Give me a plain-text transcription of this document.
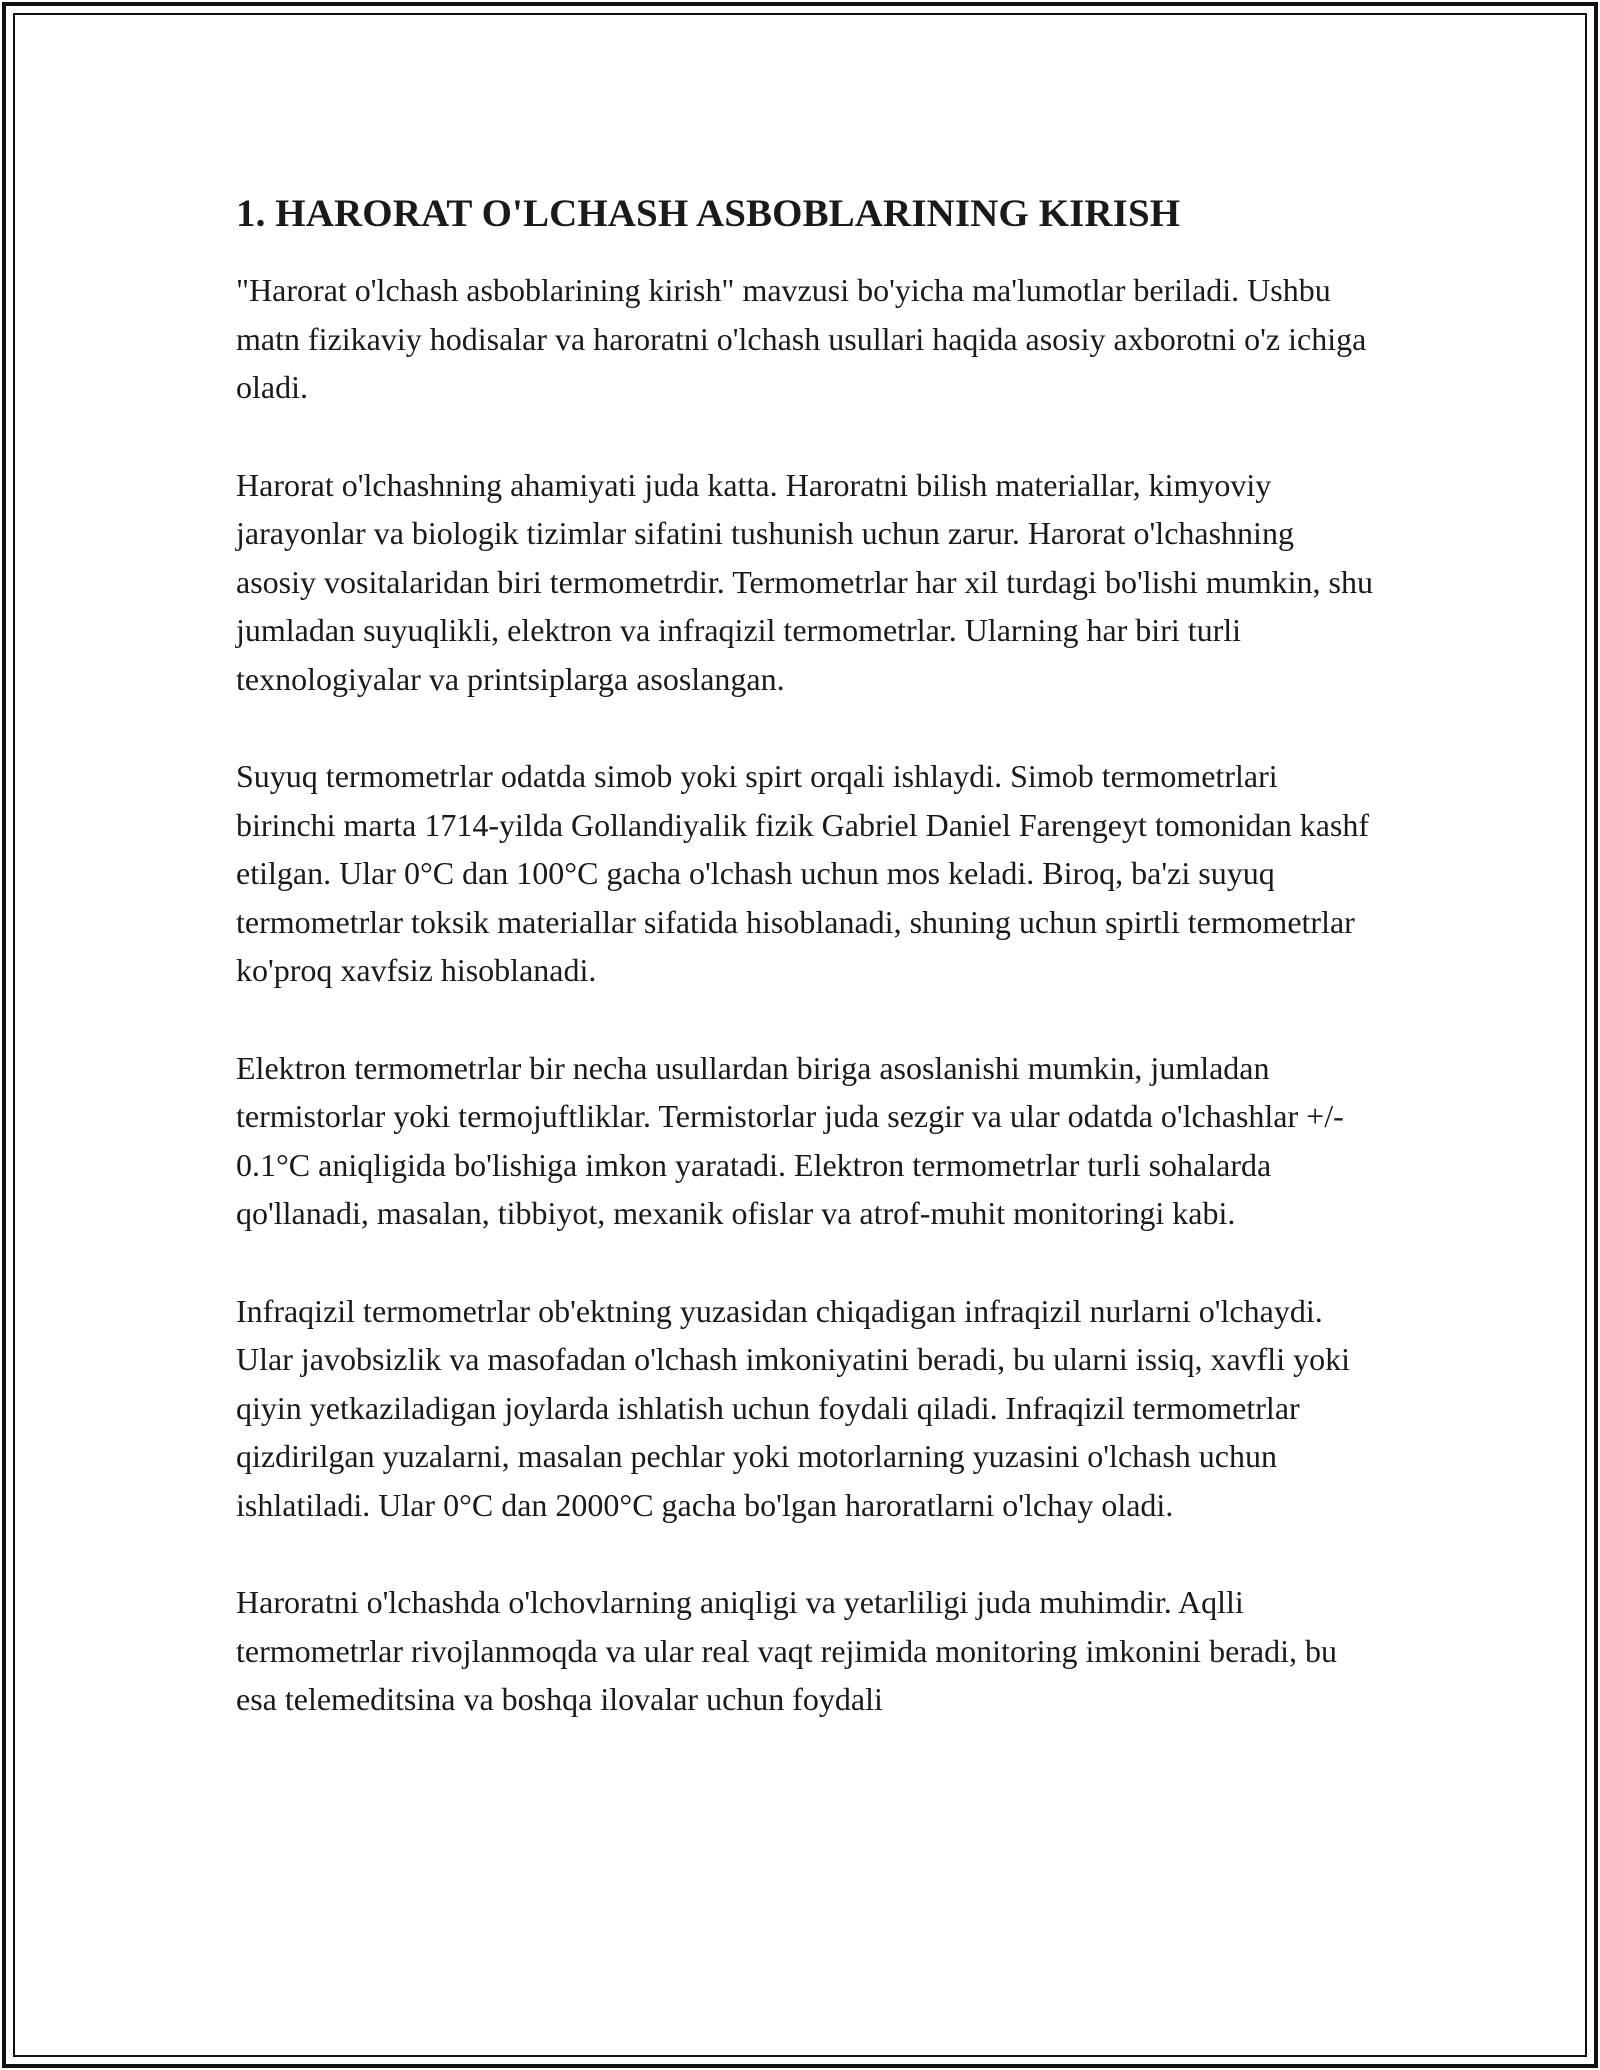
1. HARORAT O'LCHASH ASBOBLARINING KIRISH

"Harorat o'lchash asboblarining kirish" mavzusi bo'yicha ma'lumotlar beriladi. Ushbu matn fizikaviy hodisalar va haroratni o'lchash usullari haqida asosiy axborotni o'z ichiga oladi.

Harorat o'lchashning ahamiyati juda katta. Haroratni bilish materiallar, kimyoviy jarayonlar va biologik tizimlar sifatini tushunish uchun zarur. Harorat o'lchashning asosiy vositalaridan biri termometrdir. Termometrlar har xil turdagi bo'lishi mumkin, shu jumladan suyuqlikli, elektron va infraqizil termometrlar. Ularning har biri turli texnologiyalar va printsiplarga asoslangan.

Suyuq termometrlar odatda simob yoki spirt orqali ishlaydi. Simob termometrlari birinchi marta 1714-yilda Gollandiyalik fizik Gabriel Daniel Farengeyt tomonidan kashf etilgan. Ular 0°C dan 100°C gacha o'lchash uchun mos keladi. Biroq, ba'zi suyuq termometrlar toksik materiallar sifatida hisoblanadi, shuning uchun spirtli termometrlar ko'proq xavfsiz hisoblanadi.

Elektron termometrlar bir necha usullardan biriga asoslanishi mumkin, jumladan termistorlar yoki termojuftliklar. Termistorlar juda sezgir va ular odatda o'lchashlar +/- 0.1°C aniqligida bo'lishiga imkon yaratadi. Elektron termometrlar turli sohalarda qo'llanadi, masalan, tibbiyot, mexanik ofislar va atrof-muhit monitoringi kabi.

Infraqizil termometrlar ob'ektning yuzasidan chiqadigan infraqizil nurlarni o'lchaydi. Ular javobsizlik va masofadan o'lchash imkoniyatini beradi, bu ularni issiq, xavfli yoki qiyin yetkaziladigan joylarda ishlatish uchun foydali qiladi. Infraqizil termometrlar qizdirilgan yuzalarni, masalan pechlar yoki motorlarning yuzasini o'lchash uchun ishlatiladi. Ular 0°C dan 2000°C gacha bo'lgan haroratlarni o'lchay oladi.

Haroratni o'lchashda o'lchovlarning aniqligi va yetarliligi juda muhimdir. Aqlli termometrlar rivojlanmoqda va ular real vaqt rejimida monitoring imkonini beradi, bu esa telemeditsina va boshqa ilovalar uchun foydali
